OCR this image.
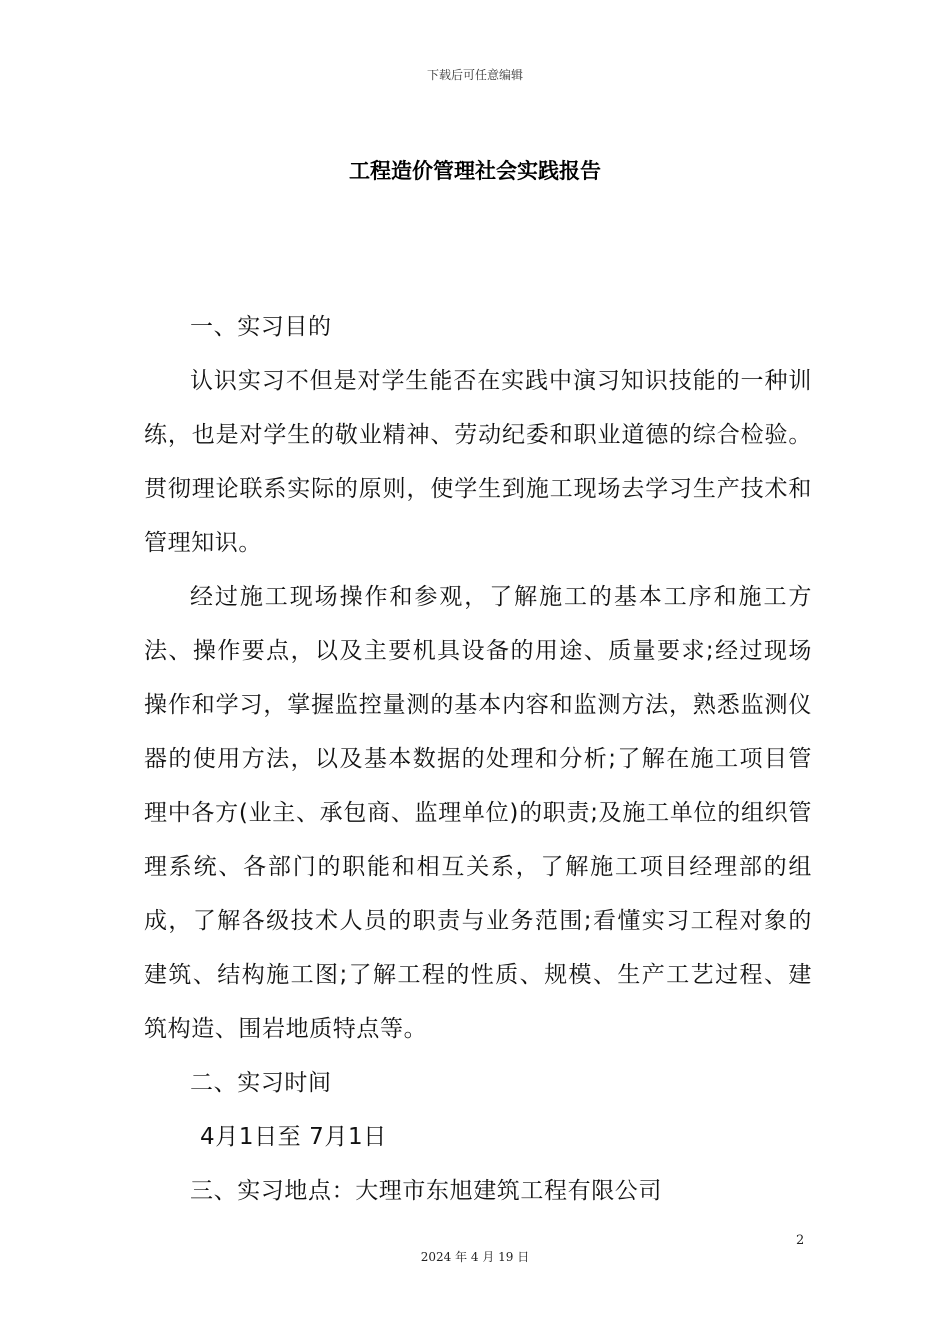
下载后可任意编辑
工程造价管理社会实践报告

一、实习目的

认识实习不但是对学生能否在实践中演习知识技能的一种训练，也是对学生的敬业精神、劳动纪委和职业道德的综合检验。贯彻理论联系实际的原则，使学生到施工现场去学习生产技术和管理知识。

经过施工现场操作和参观，了解施工的基本工序和施工方法、操作要点，以及主要机具设备的用途、质量要求;经过现场操作和学习，掌握监控量测的基本内容和监测方法，熟悉监测仪器的使用方法，以及基本数据的处理和分析;了解在施工项目管理中各方(业主、承包商、监理单位)的职责;及施工单位的组织管理系统、各部门的职能和相互关系，了解施工项目经理部的组成，了解各级技术人员的职责与业务范围;看懂实习工程对象的建筑、结构施工图;了解工程的性质、规模、生产工艺过程、建筑构造、围岩地质特点等。

二、实习时间

4月1日至 7月1日

三、实习地点：大理市东旭建筑工程有限公司

2
2024 年 4 月 19 日
